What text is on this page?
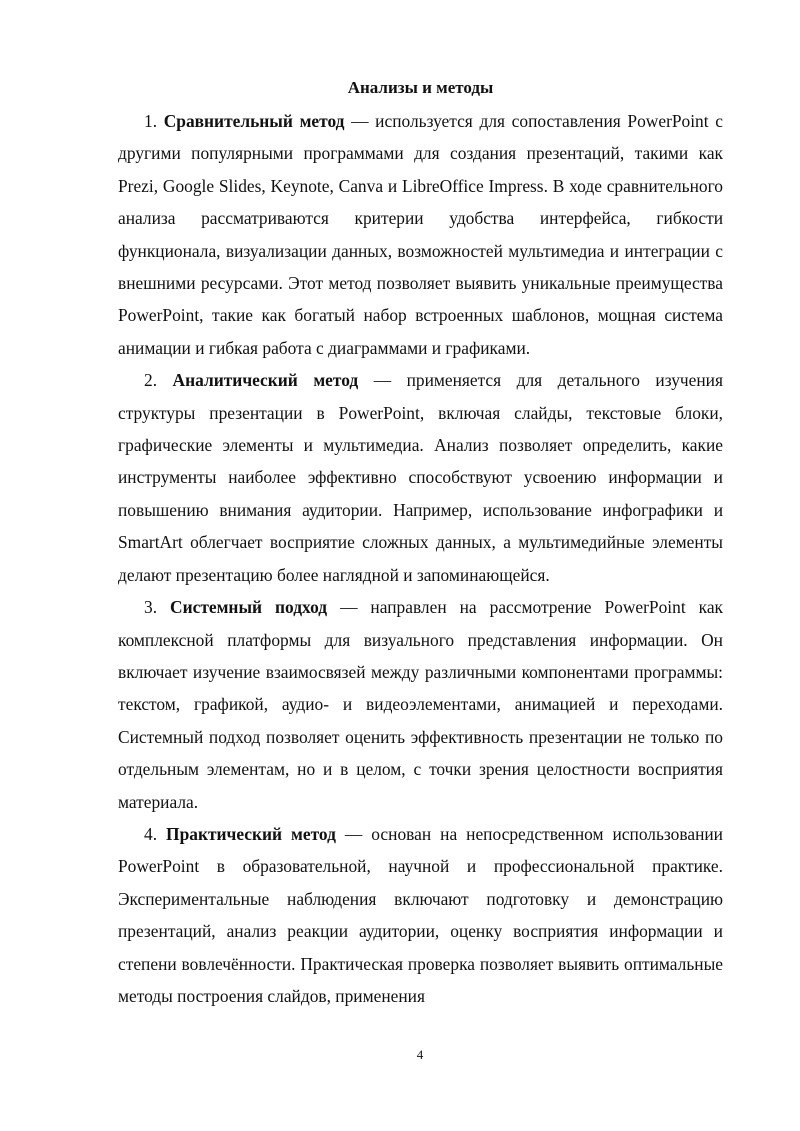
Анализы и методы

1. Сравнительный метод — используется для сопоставления PowerPoint с другими популярными программами для создания презентаций, такими как Prezi, Google Slides, Keynote, Canva и LibreOffice Impress. В ходе сравнительного анализа рассматриваются критерии удобства интерфейса, гибкости функционала, визуализации данных, возможностей мультимедиа и интеграции с внешними ресурсами. Этот метод позволяет выявить уникальные преимущества PowerPoint, такие как богатый набор встроенных шаблонов, мощная система анимации и гибкая работа с диаграммами и графиками.

2. Аналитический метод — применяется для детального изучения структуры презентации в PowerPoint, включая слайды, текстовые блоки, графические элементы и мультимедиа. Анализ позволяет определить, какие инструменты наиболее эффективно способствуют усвоению информации и повышению внимания аудитории. Например, использование инфографики и SmartArt облегчает восприятие сложных данных, а мультимедийные элементы делают презентацию более наглядной и запоминающейся.

3. Системный подход — направлен на рассмотрение PowerPoint как комплексной платформы для визуального представления информации. Он включает изучение взаимосвязей между различными компонентами программы: текстом, графикой, аудио- и видеоэлементами, анимацией и переходами. Системный подход позволяет оценить эффективность презентации не только по отдельным элементам, но и в целом, с точки зрения целостности восприятия материала.

4. Практический метод — основан на непосредственном использовании PowerPoint в образовательной, научной и профессиональной практике. Экспериментальные наблюдения включают подготовку и демонстрацию презентаций, анализ реакции аудитории, оценку восприятия информации и степени вовлечённости. Практическая проверка позволяет выявить оптимальные методы построения слайдов, применения

4
